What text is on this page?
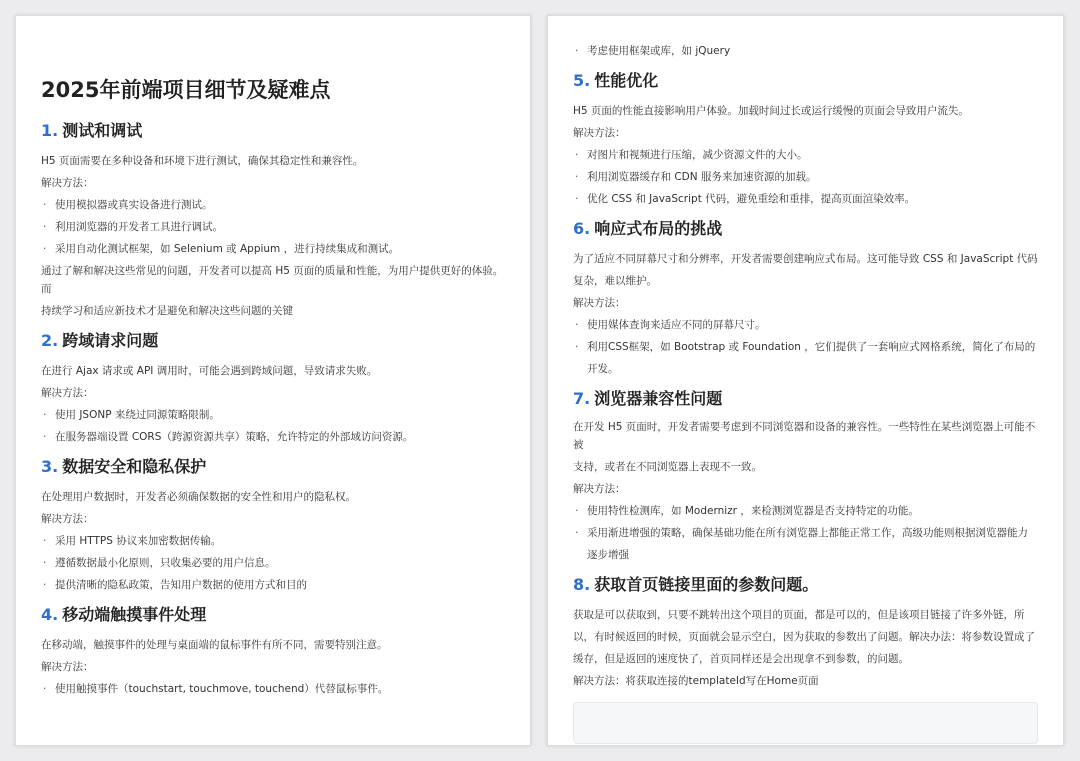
2025年前端项目细节及疑难点
1. 测试和调试

H5 页面需要在多种设备和环境下进行测试，确保其稳定性和兼容性。

解决方法：

· 使用模拟器或真实设备进行测试。

· 利用浏览器的开发者工具进行调试。

· 采用自动化测试框架，如 Selenium 或 Appium ，进行持续集成和测试。

通过了解和解决这些常见的问题，开发者可以提高 H5 页面的质量和性能，为用户提供更好的体验。而

持续学习和适应新技术才是避免和解决这些问题的关键

2. 跨域请求问题

在进行 Ajax 请求或 API 调用时，可能会遇到跨域问题，导致请求失败。

解决方法：

· 使用 JSONP 来绕过同源策略限制。

· 在服务器端设置 CORS（跨源资源共享）策略，允许特定的外部域访问资源。

3. 数据安全和隐私保护

在处理用户数据时，开发者必须确保数据的安全性和用户的隐私权。

解决方法：

· 采用 HTTPS 协议来加密数据传输。

· 遵循数据最小化原则，只收集必要的用户信息。

· 提供清晰的隐私政策，告知用户数据的使用方式和目的

4. 移动端触摸事件处理

在移动端，触摸事件的处理与桌面端的鼠标事件有所不同，需要特别注意。

解决方法：

· 使用触摸事件（touchstart, touchmove, touchend）代替鼠标事件。

· 考虑使用框架或库，如 jQuery

5. 性能优化

H5 页面的性能直接影响用户体验。加载时间过长或运行缓慢的页面会导致用户流失。

解决方法：

· 对图片和视频进行压缩，减少资源文件的大小。

· 利用浏览器缓存和 CDN 服务来加速资源的加载。

· 优化 CSS 和 JavaScript 代码，避免重绘和重排，提高页面渲染效率。

6. 响应式布局的挑战

为了适应不同屏幕尺寸和分辨率，开发者需要创建响应式布局。这可能导致 CSS 和 JavaScript 代码复杂，难以维护。

解决方法：

· 使用媒体查询来适应不同的屏幕尺寸。

· 利用CSS框架，如 Bootstrap 或 Foundation ，它们提供了一套响应式网格系统，简化了布局的开发。

7. 浏览器兼容性问题

在开发 H5 页面时，开发者需要考虑到不同浏览器和设备的兼容性。一些特性在某些浏览器上可能不被

支持，或者在不同浏览器上表现不一致。

解决方法：

· 使用特性检测库，如 Modernizr ，来检测浏览器是否支持特定的功能。

· 采用渐进增强的策略，确保基础功能在所有浏览器上都能正常工作，高级功能则根据浏览器能力逐步增强

8. 获取首页链接里面的参数问题。

获取是可以获取到，只要不跳转出这个项目的页面，都是可以的，但是该项目链接了许多外链，所以，有时候返回的时候，页面就会显示空白，因为获取的参数出了问题。解决办法：将参数设置成了缓存，但是返回的速度快了，首页同样还是会出现拿不到参数，的问题。

解决方法：将获取连接的templateId写在Home页面
